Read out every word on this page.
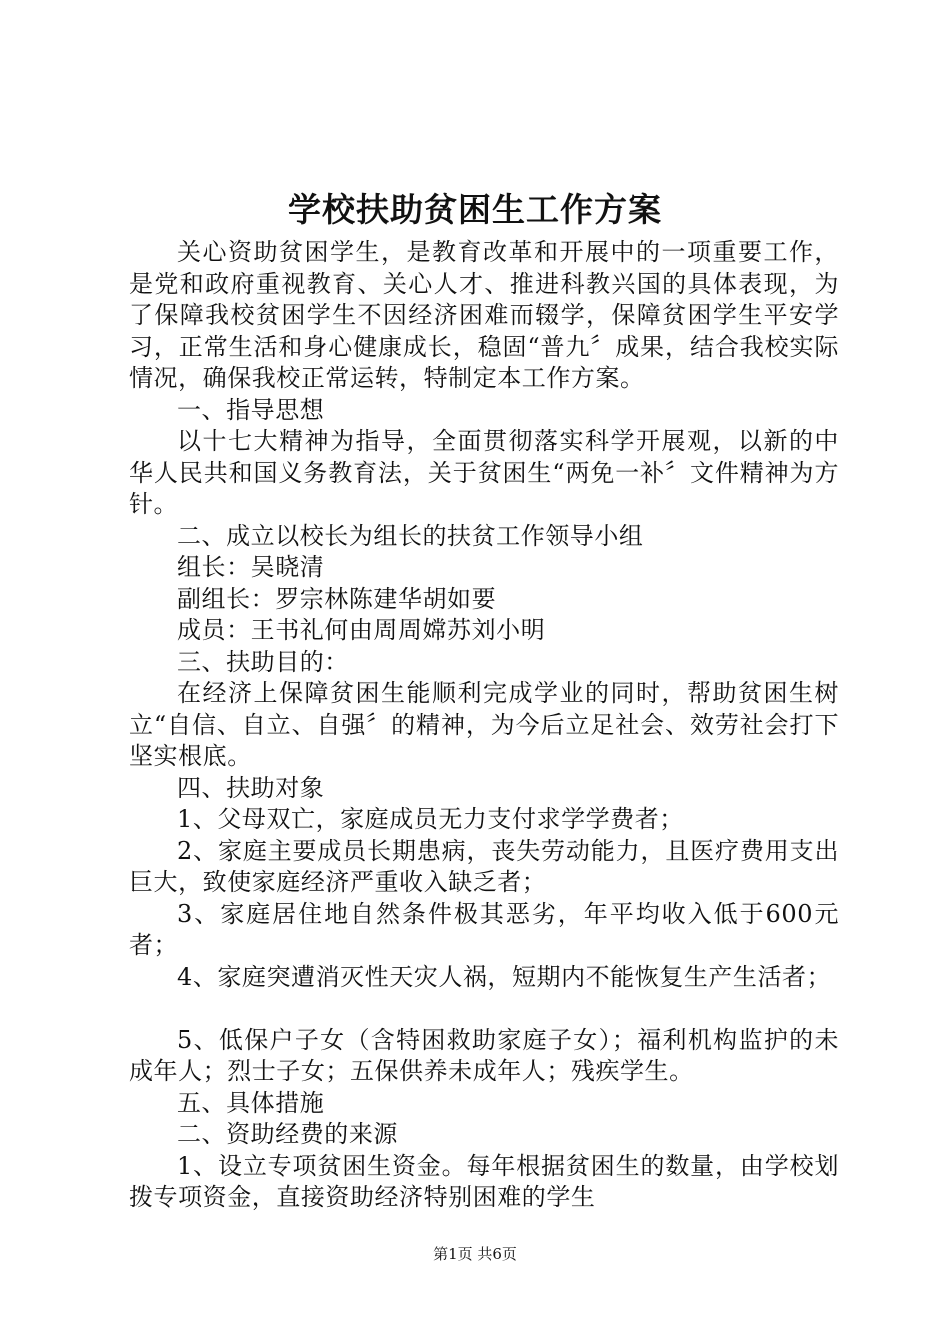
学校扶助贫困生工作方案

关心资助贫困学生，是教育改革和开展中的一项重要工作，是党和政府重视教育、关心人才、推进科教兴国的具体表现，为了保障我校贫困学生不因经济困难而辍学，保障贫困学生平安学习，正常生活和身心健康成长，稳固“普九〞成果，结合我校实际情况，确保我校正常运转，特制定本工作方案。

一、指导思想

以十七大精神为指导，全面贯彻落实科学开展观，以新的中华人民共和国义务教育法，关于贫困生“两免一补〞文件精神为方针。

二、成立以校长为组长的扶贫工作领导小组

组长：吴晓清

副组长：罗宗林陈建华胡如要

成员：王书礼何由周周嫦苏刘小明

三、扶助目的：

在经济上保障贫困生能顺利完成学业的同时，帮助贫困生树立“自信、自立、自强〞的精神，为今后立足社会、效劳社会打下坚实根底。

四、扶助对象

1、父母双亡，家庭成员无力支付求学学费者；

2、家庭主要成员长期患病，丧失劳动能力，且医疗费用支出巨大，致使家庭经济严重收入缺乏者；

3、家庭居住地自然条件极其恶劣，年平均收入低于600元者；

4、家庭突遭消灭性天灾人祸，短期内不能恢复生产生活者；

5、低保户子女（含特困救助家庭子女）；福利机构监护的未成年人；烈士子女；五保供养未成年人；残疾学生。

五、具体措施

二、资助经费的来源

1、设立专项贫困生资金。每年根据贫困生的数量，由学校划拨专项资金，直接资助经济特别困难的学生

第1页 共6页
